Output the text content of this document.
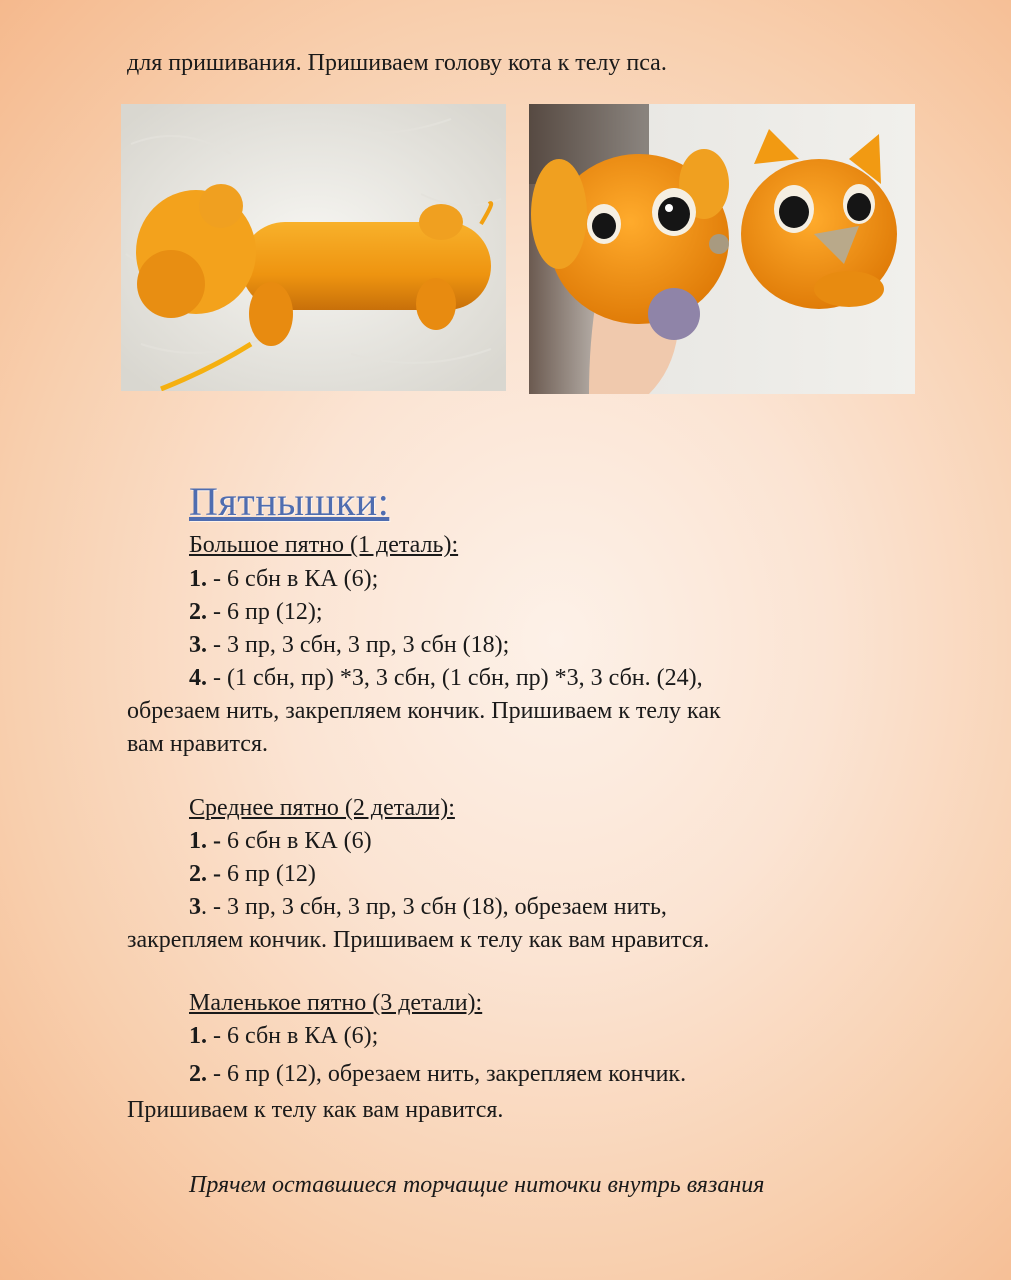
для пришивания. Пришиваем голову кота к телу пса.
Пятнышки:
Большое пятно (1 деталь):
1. - 6 сбн в КА (6);
2. - 6 пр (12);
3. - 3 пр, 3 сбн, 3 пр, 3 сбн (18);
4. - (1 сбн, пр) *3, 3 сбн, (1 сбн, пр) *3, 3 сбн. (24),
обрезаем нить, закрепляем кончик. Пришиваем к телу как
вам нравится.
Среднее пятно (2 детали):
1. - 6 сбн в КА (6)
2. - 6 пр (12)
3. - 3 пр, 3 сбн, 3 пр, 3 сбн (18), обрезаем нить,
закрепляем кончик. Пришиваем к телу как вам нравится.
Маленькое пятно (3 детали):
1. - 6 сбн в КА (6);
2. - 6 пр (12), обрезаем нить, закрепляем кончик.
Пришиваем к телу как вам нравится.
Прячем оставшиеся торчащие ниточки внутрь вязания
